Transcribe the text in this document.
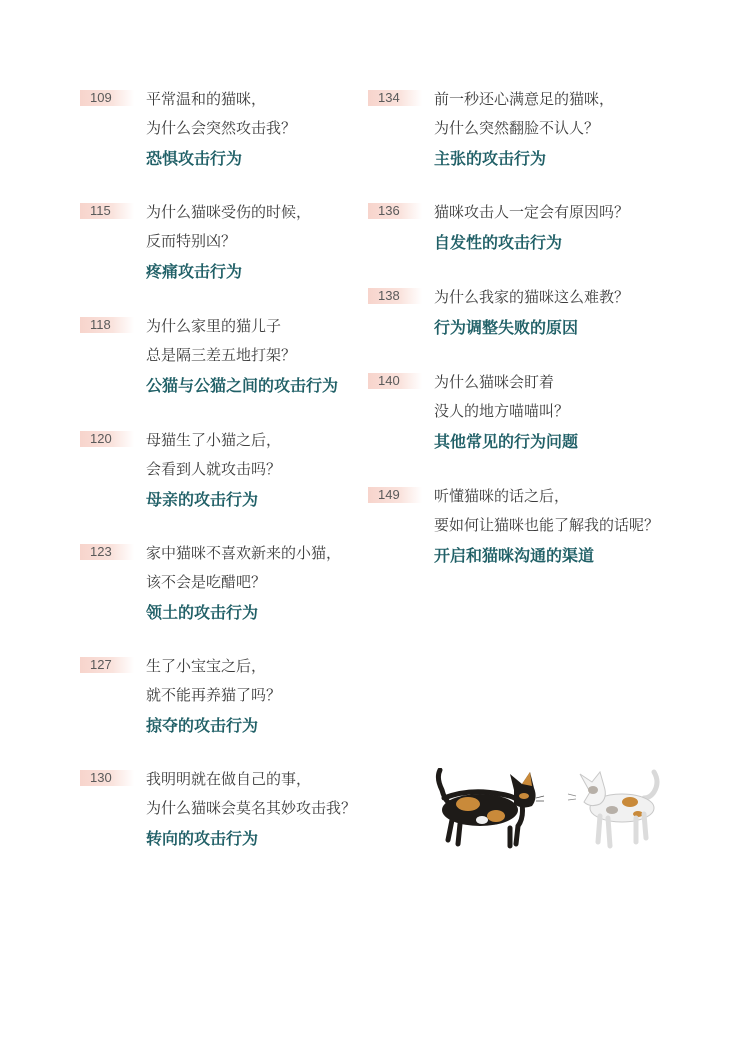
109	平常温和的猫咪，
为什么会突然攻击我？
恐惧攻击行为
115	为什么猫咪受伤的时候，
反而特别凶？
疼痛攻击行为
118	为什么家里的猫儿子
总是隔三差五地打架？
公猫与公猫之间的攻击行为
120	母猫生了小猫之后，
会看到人就攻击吗？
母亲的攻击行为
123	家中猫咪不喜欢新来的小猫，
该不会是吃醋吧？
领土的攻击行为
127	生了小宝宝之后，
就不能再养猫了吗？
掠夺的攻击行为
130	我明明就在做自己的事，
为什么猫咪会莫名其妙攻击我？
转向的攻击行为
134	前一秒还心满意足的猫咪，
为什么突然翻脸不认人？
主张的攻击行为
136	猫咪攻击人一定会有原因吗？
自发性的攻击行为
138	为什么我家的猫咪这么难教？
行为调整失败的原因
140	为什么猫咪会盯着
没人的地方喵喵叫？
其他常见的行为问题
149	听懂猫咪的话之后，
要如何让猫咪也能了解我的话呢？
开启和猫咪沟通的渠道
